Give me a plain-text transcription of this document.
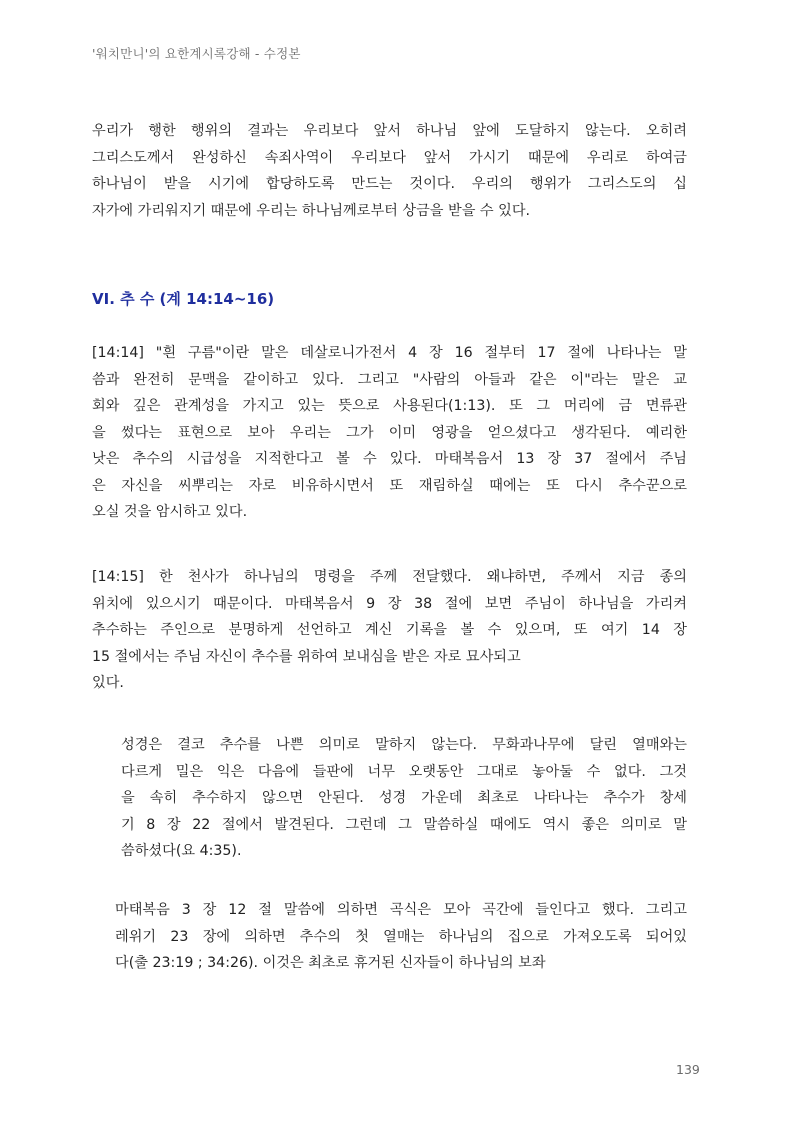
'워치만니'의 요한계시록강해 - 수정본
우리가 행한 행위의 결과는 우리보다 앞서 하나님 앞에 도달하지 않는다. 오히려
그리스도께서 완성하신 속죄사역이 우리보다 앞서 가시기 때문에 우리로 하여금
하나님이 받을 시기에 합당하도록 만드는 것이다. 우리의 행위가 그리스도의 십
자가에 가리워지기 때문에 우리는 하나님께로부터 상금을 받을 수 있다.
VI. 추 수 (계 14:14~16)
[14:14] "흰 구름"이란 말은 데살로니가전서 4 장 16 절부터 17 절에 나타나는 말
씀과 완전히 문맥을 같이하고 있다. 그리고 "사람의 아들과 같은 이"라는 말은 교
회와 깊은 관계성을 가지고 있는 뜻으로 사용된다(1:13). 또 그 머리에 금 면류관
을 썼다는 표현으로 보아 우리는 그가 이미 영광을 얻으셨다고 생각된다. 예리한
낫은 추수의 시급성을 지적한다고 볼 수 있다. 마태복음서 13 장 37 절에서 주님
은 자신을 씨뿌리는 자로 비유하시면서 또 재림하실 때에는 또 다시 추수꾼으로
오실 것을 암시하고 있다.
[14:15] 한 천사가 하나님의 명령을 주께 전달했다. 왜냐하면, 주께서 지금 종의
위치에 있으시기 때문이다. 마태복음서 9 장 38 절에 보면 주님이 하나님을 가리켜
추수하는 주인으로 분명하게 선언하고 계신 기록을 볼 수 있으며, 또 여기 14 장
15 절에서는 주님 자신이 추수를 위하여 보내심을 받은 자로 묘사되고
있다.
성경은 결코 추수를 나쁜 의미로 말하지 않는다. 무화과나무에 달린 열매와는
다르게 밀은 익은 다음에 들판에 너무 오랫동안 그대로 놓아둘 수 없다. 그것
을 속히 추수하지 않으면 안된다. 성경 가운데 최초로 나타나는 추수가 창세
기 8 장 22 절에서 발견된다. 그런데 그 말씀하실 때에도 역시 좋은 의미로 말
씀하셨다(요 4:35).
마태복음 3 장 12 절 말씀에 의하면 곡식은 모아 곡간에 들인다고 했다. 그리고
레위기 23 장에 의하면 추수의 첫 열매는 하나님의 집으로 가져오도록 되어있
다(출 23:19 ; 34:26). 이것은 최초로 휴거된 신자들이 하나님의 보좌
139
